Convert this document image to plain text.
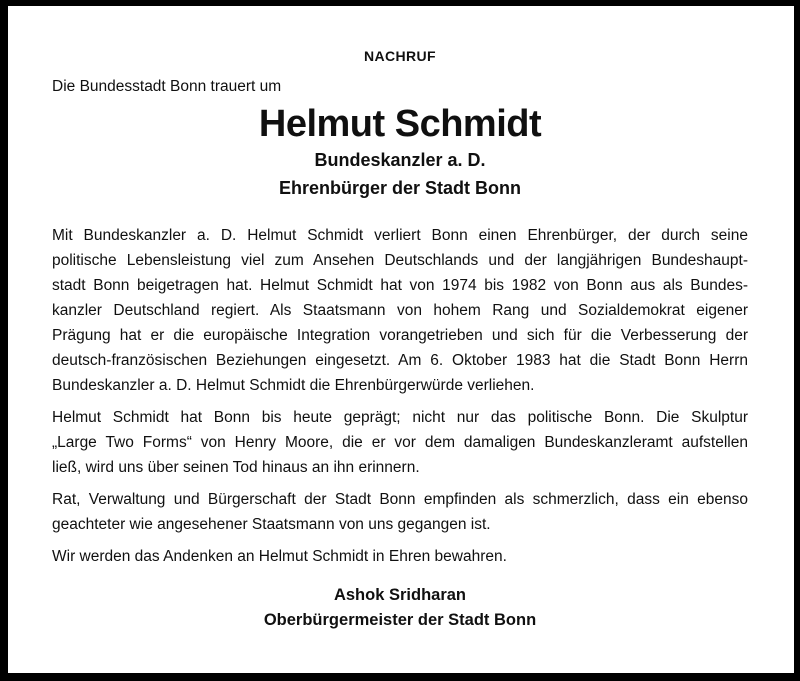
NACHRUF
Die Bundesstadt Bonn trauert um
Helmut Schmidt
Bundeskanzler a. D.
Ehrenbürger der Stadt Bonn
Mit Bundeskanzler a. D. Helmut Schmidt verliert Bonn einen Ehrenbürger, der durch seine
politische Lebensleistung viel zum Ansehen Deutschlands und der langjährigen Bundeshaupt-
stadt Bonn beigetragen hat. Helmut Schmidt hat von 1974 bis 1982 von Bonn aus als Bundes-
kanzler Deutschland regiert. Als Staatsmann von hohem Rang und Sozialdemokrat eigener
Prägung hat er die europäische Integration vorangetrieben und sich für die Verbesserung der
deutsch-französischen Beziehungen eingesetzt. Am 6. Oktober 1983 hat die Stadt Bonn Herrn
Bundeskanzler a. D. Helmut Schmidt die Ehrenbürgerwürde verliehen.
Helmut Schmidt hat Bonn bis heute geprägt; nicht nur das politische Bonn. Die Skulptur
„Large Two Forms“ von Henry Moore, die er vor dem damaligen Bundeskanzleramt aufstellen
ließ, wird uns über seinen Tod hinaus an ihn erinnern.
Rat, Verwaltung und Bürgerschaft der Stadt Bonn empfinden als schmerzlich, dass ein ebenso
geachteter wie angesehener Staatsmann von uns gegangen ist.
Wir werden das Andenken an Helmut Schmidt in Ehren bewahren.
Ashok Sridharan
Oberbürgermeister der Stadt Bonn
